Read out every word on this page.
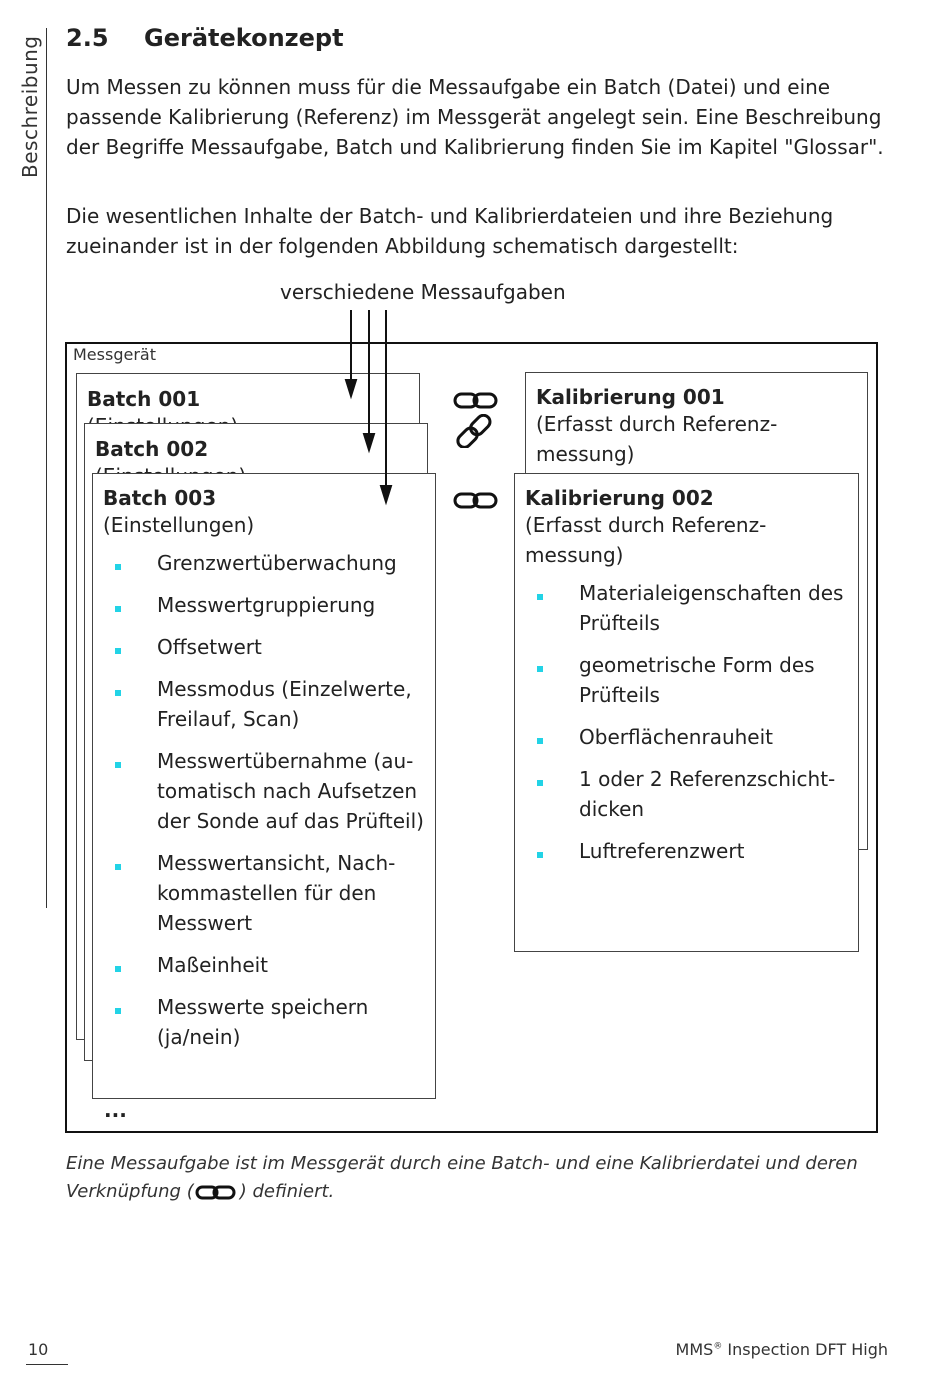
Beschreibung 2.5 Gerätekonzept
Um Messen zu können muss für die Messaufgabe ein Batch (Datei) und eine passende Kalibrierung (Referenz) im Messgerät angelegt sein. Eine Beschreibung der Begriffe Messaufgabe, Batch und Kalibrierung finden Sie im Kapitel "Glossar".
Die wesentlichen Inhalte der Batch- und Kalibrierdateien und ihre Beziehung zueinander ist in der folgenden Abbildung schematisch dargestellt:
verschiedene Messaufgaben
Messgerät
Kalibrierung 001
(Erfasst durch Referenz-messung)
Batch 001
Batch 002
Batch 003
(Einstellungen)
Grenzwertüberwachung
Messwertgruppierung
Offsetwert
Messmodus (Einzelwerte, Freilauf, Scan)
Messwertübernahme (au-tomatisch nach Aufsetzen der Sonde auf das Prüfteil)
Messwertansicht, Nach-kommastellen für den Messwert
Maßeinheit
Messwerte speichern (ja/nein)
Kalibrierung 002
(Erfasst durch Referenz-messung)
Materialeigenschaften des Prüfteils
geometrische Form des Prüfteils
Oberflächenrauheit
1 oder 2 Referenzschicht-dicken
Luftreferenzwert
...
Eine Messaufgabe ist im Messgerät durch eine Batch- und eine Kalibrierdatei und deren Verknüpfung (	) definiert.
10	MMS® Inspection DFT High
